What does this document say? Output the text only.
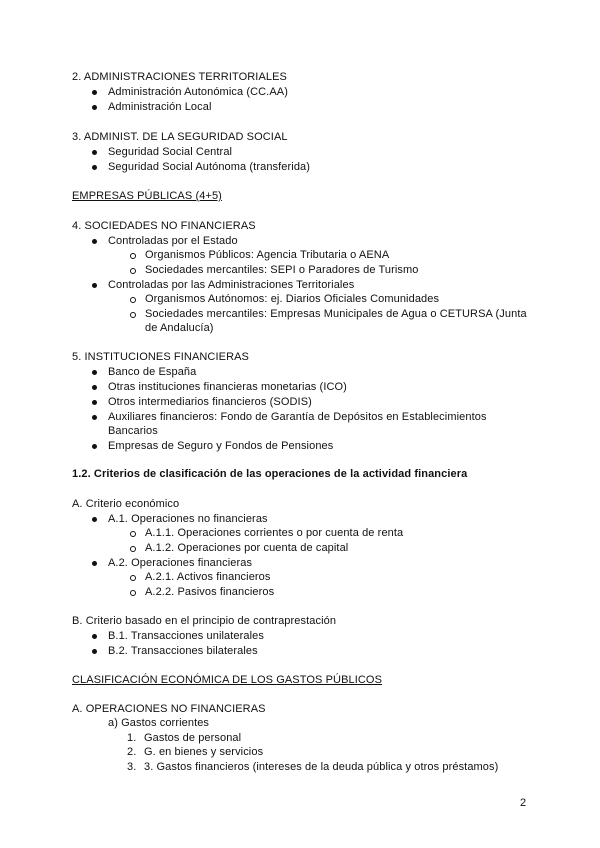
2. ADMINISTRACIONES TERRITORIALES
Administración Autonómica (CC.AA)
Administración Local
3. ADMINIST. DE LA SEGURIDAD SOCIAL
Seguridad Social Central
Seguridad Social Autónoma (transferida)
EMPRESAS PÚBLICAS (4+5)
4. SOCIEDADES NO FINANCIERAS
Controladas por el Estado
Organismos Públicos: Agencia Tributaria o AENA
Sociedades mercantiles: SEPI o Paradores de Turismo
Controladas por las Administraciones Territoriales
Organismos Autónomos: ej. Diarios Oficiales Comunidades
Sociedades mercantiles: Empresas Municipales de Agua o CETURSA (Junta
de Andalucía)
5. INSTITUCIONES FINANCIERAS
Banco de España
Otras instituciones financieras monetarias (ICO)
Otros intermediarios financieros (SODIS)
Auxiliares financieros: Fondo de Garantía de Depósitos en Establecimientos
Bancarios
Empresas de Seguro y Fondos de Pensiones
1.2. Criterios de clasificación de las operaciones de la actividad financiera
A. Criterio económico
A.1. Operaciones no financieras
A.1.1. Operaciones corrientes o por cuenta de renta
A.1.2. Operaciones por cuenta de capital
A.2. Operaciones financieras
A.2.1. Activos financieros
A.2.2. Pasivos financieros
B. Criterio basado en el principio de contraprestación
B.1. Transacciones unilaterales
B.2. Transacciones bilaterales
CLASIFICACIÓN ECONÓMICA DE LOS GASTOS PÚBLICOS
A. OPERACIONES NO FINANCIERAS
a) Gastos corrientes
1. Gastos de personal
2. G. en bienes y servicios
3. 3. Gastos financieros (intereses de la deuda pública y otros préstamos)
2
